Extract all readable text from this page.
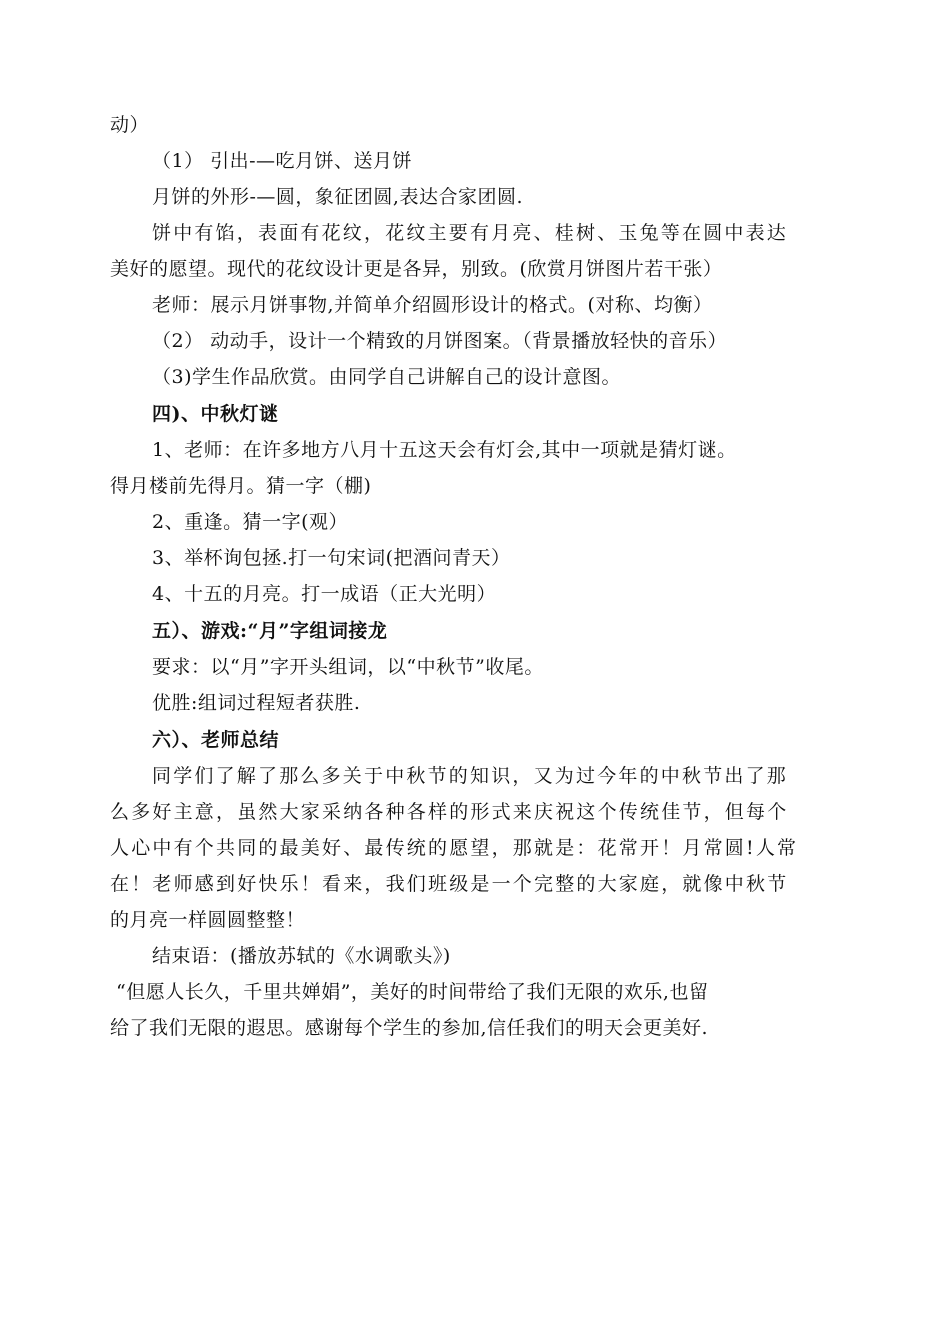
动）
（1） 引出-—吃月饼、送月饼
月饼的外形-—圆，象征团圆,表达合家团圆.
饼中有馅，表面有花纹，花纹主要有月亮、桂树、玉兔等在圆中表达
美好的愿望。现代的花纹设计更是各异，别致。(欣赏月饼图片若干张）
老师：展示月饼事物,并简单介绍圆形设计的格式。(对称、均衡）
（2） 动动手，设计一个精致的月饼图案。（背景播放轻快的音乐）
（3)学生作品欣赏。由同学自己讲解自己的设计意图。
四)、中秋灯谜
1、老师：在许多地方八月十五这天会有灯会,其中一项就是猜灯谜。
得月楼前先得月。猜一字（棚)
2、重逢。猜一字(观）
3、举杯询包拯.打一句宋词(把酒问青天）
4、十五的月亮。打一成语（正大光明）
五）、游戏:“月”字组词接龙
要求：以“月”字开头组词，以“中秋节”收尾。
优胜:组词过程短者获胜.
六）、老师总结
同学们了解了那么多关于中秋节的知识，又为过今年的中秋节出了那
么多好主意，虽然大家采纳各种各样的形式来庆祝这个传统佳节，但每个
人心中有个共同的最美好、最传统的愿望，那就是：花常开！月常圆!人常
在！老师感到好快乐！看来，我们班级是一个完整的大家庭，就像中秋节
的月亮一样圆圆整整！
结束语：(播放苏轼的《水调歌头》)
“但愿人长久，千里共婵娟”，美好的时间带给了我们无限的欢乐,也留
给了我们无限的遐思。感谢每个学生的参加,信任我们的明天会更美好.
